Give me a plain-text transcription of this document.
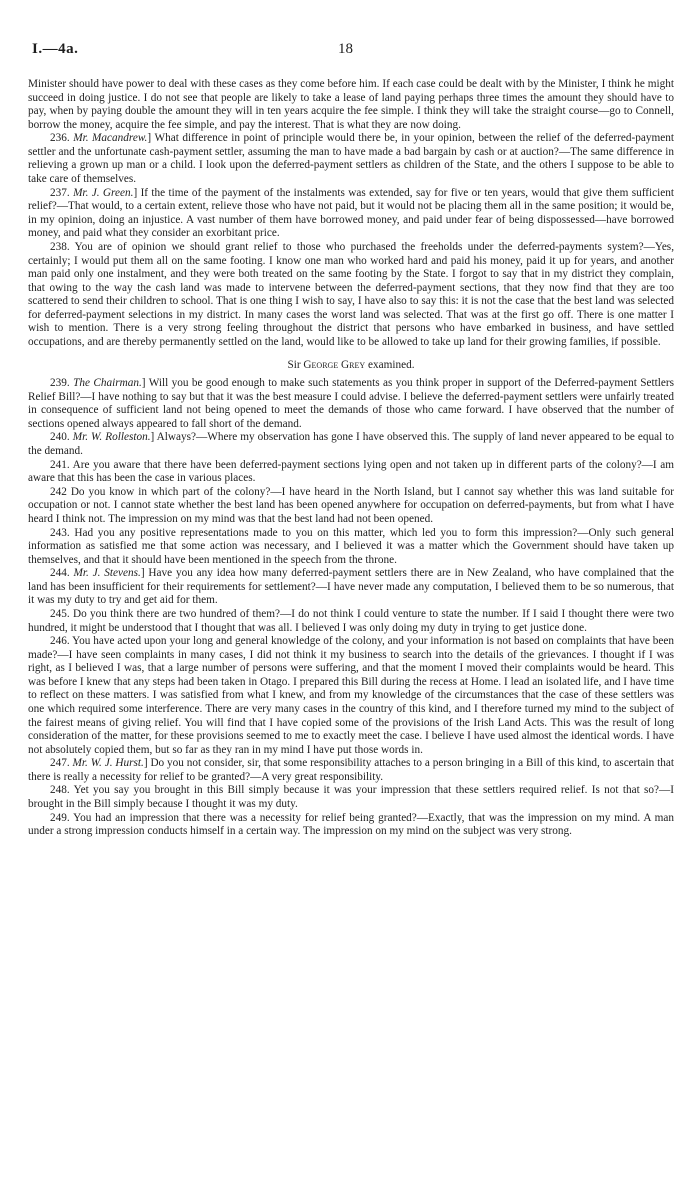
I.—4a.	18

Minister should have power to deal with these cases as they come before him. If each case could be dealt with by the Minister, I think he might succeed in doing justice. I do not see that people are likely to take a lease of land paying perhaps three times the amount they should have to pay, when by paying double the amount they will in ten years acquire the fee simple. I think they will take the straight course—go to Connell, borrow the money, acquire the fee simple, and pay the interest. That is what they are now doing.

236. Mr. Macandrew.] What difference in point of principle would there be, in your opinion, between the relief of the deferred-payment settler and the unfortunate cash-payment settler, assuming the man to have made a bad bargain by cash or at auction?—The same difference in relieving a grown up man or a child. I look upon the deferred-payment settlers as children of the State, and the others I suppose to be able to take care of themselves.

237. Mr. J. Green.] If the time of the payment of the instalments was extended, say for five or ten years, would that give them sufficient relief?—That would, to a certain extent, relieve those who have not paid, but it would not be placing them all in the same position; it would be, in my opinion, doing an injustice. A vast number of them have borrowed money, and paid under fear of being dispossessed—have borrowed money, and paid what they consider an exorbitant price.

238. You are of opinion we should grant relief to those who purchased the freeholds under the deferred-payments system?—Yes, certainly; I would put them all on the same footing. I know one man who worked hard and paid his money, paid it up for years, and another man paid only one instalment, and they were both treated on the same footing by the State. I forgot to say that in my district they complain, that owing to the way the cash land was made to intervene between the deferred-payment sections, that they now find that they are too scattered to send their children to school. That is one thing I wish to say, I have also to say this: it is not the case that the best land was selected for deferred-payment selections in my district. In many cases the worst land was selected. That was at the first go off. There is one matter I wish to mention. There is a very strong feeling throughout the district that persons who have embarked in business, and have settled occupations, and are thereby permanently settled on the land, would like to be allowed to take up land for their growing families, if possible.

Sir George Grey examined.

239. The Chairman.] Will you be good enough to make such statements as you think proper in support of the Deferred-payment Settlers Relief Bill?—I have nothing to say but that it was the best measure I could advise. I believe the deferred-payment settlers were unfairly treated in consequence of sufficient land not being opened to meet the demands of those who came forward. I have observed that the number of sections opened always appeared to fall short of the demand.

240. Mr. W. Rolleston.] Always?—Where my observation has gone I have observed this. The supply of land never appeared to be equal to the demand.

241. Are you aware that there have been deferred-payment sections lying open and not taken up in different parts of the colony?—I am aware that this has been the case in various places.

242 Do you know in which part of the colony?—I have heard in the North Island, but I cannot say whether this was land suitable for occupation or not. I cannot state whether the best land has been opened anywhere for occupation on deferred-payments, but from what I have heard I think not. The impression on my mind was that the best land had not been opened.

243. Had you any positive representations made to you on this matter, which led you to form this impression?—Only such general information as satisfied me that some action was necessary, and I believed it was a matter which the Government should have taken up themselves, and that it should have been mentioned in the speech from the throne.

244. Mr. J. Stevens.] Have you any idea how many deferred-payment settlers there are in New Zealand, who have complained that the land has been insufficient for their requirements for settlement?—I have never made any computation, I believed them to be so numerous, that it was my duty to try and get aid for them.

245. Do you think there are two hundred of them?—I do not think I could venture to state the number. If I said I thought there were two hundred, it might be understood that I thought that was all. I believed I was only doing my duty in trying to get justice done.

246. You have acted upon your long and general knowledge of the colony, and your information is not based on complaints that have been made?—I have seen complaints in many cases, I did not think it my business to search into the details of the grievances. I thought if I was right, as I believed I was, that a large number of persons were suffering, and that the moment I moved their complaints would be heard. This was before I knew that any steps had been taken in Otago. I prepared this Bill during the recess at Home. I lead an isolated life, and I have time to reflect on these matters. I was satisfied from what I knew, and from my knowledge of the circumstances that the case of these settlers was one which required some interference. There are very many cases in the country of this kind, and I therefore turned my mind to the subject of the fairest means of giving relief. You will find that I have copied some of the provisions of the Irish Land Acts. This was the result of long consideration of the matter, for these provisions seemed to me to exactly meet the case. I believe I have used almost the identical words. I have not absolutely copied them, but so far as they ran in my mind I have put those words in.

247. Mr. W. J. Hurst.] Do you not consider, sir, that some responsibility attaches to a person bringing in a Bill of this kind, to ascertain that there is really a necessity for relief to be granted?—A very great responsibility.

248. Yet you say you brought in this Bill simply because it was your impression that these settlers required relief. Is not that so?—I brought in the Bill simply because I thought it was my duty.

249. You had an impression that there was a necessity for relief being granted?—Exactly, that was the impression on my mind. A man under a strong impression conducts himself in a certain way. The impression on my mind on the subject was very strong.
